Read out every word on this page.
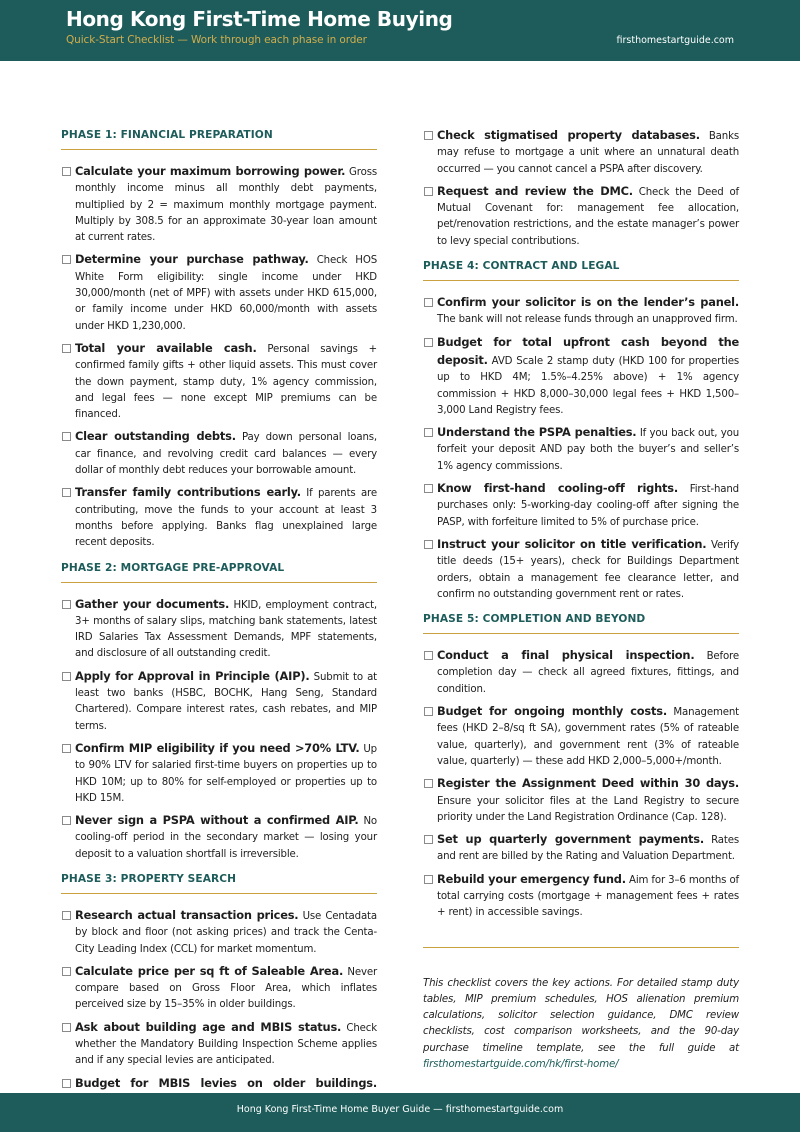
Hong Kong First-Time Home Buying
Quick-Start Checklist — Work through each phase in order	firsthomestartguide.com
PHASE 1: FINANCIAL PREPARATION
Calculate your maximum borrowing power. Gross monthly income minus all monthly debt payments, multiplied by 2 = maximum monthly mortgage payment. Multiply by 308.5 for an approximate 30-year loan amount at current rates.
Determine your purchase pathway. Check HOS White Form eligibility: single income under HKD 30,000/month (net of MPF) with assets under HKD 615,000, or family income under HKD 60,000/month with assets under HKD 1,230,000.
Total your available cash. Personal savings + confirmed family gifts + other liquid assets. This must cover the down payment, stamp duty, 1% agency commission, and legal fees — none except MIP premiums can be financed.
Clear outstanding debts. Pay down personal loans, car finance, and revolving credit card balances — every dollar of monthly debt reduces your borrowable amount.
Transfer family contributions early. If parents are contributing, move the funds to your account at least 3 months before applying. Banks flag unexplained large recent deposits.
PHASE 2: MORTGAGE PRE-APPROVAL
Gather your documents. HKID, employment contract, 3+ months of salary slips, matching bank statements, latest IRD Salaries Tax Assessment Demands, MPF statements, and disclosure of all outstanding credit.
Apply for Approval in Principle (AIP). Submit to at least two banks (HSBC, BOCHK, Hang Seng, Standard Chartered). Compare interest rates, cash rebates, and MIP terms.
Confirm MIP eligibility if you need >70% LTV. Up to 90% LTV for salaried first-time buyers on properties up to HKD 10M; up to 80% for self-employed or properties up to HKD 15M.
Never sign a PSPA without a confirmed AIP. No cooling-off period in the secondary market — losing your deposit to a valuation shortfall is irreversible.
PHASE 3: PROPERTY SEARCH
Research actual transaction prices. Use Centadata by block and floor (not asking prices) and track the Centa-City Leading Index (CCL) for market momentum.
Calculate price per sq ft of Saleable Area. Never compare based on Gross Floor Area, which inflates perceived size by 15–35% in older buildings.
Ask about building age and MBIS status. Check whether the Mandatory Building Inspection Scheme applies and if any special levies are anticipated.
Budget for MBIS levies on older buildings.
Check stigmatised property databases. Banks may refuse to mortgage a unit where an unnatural death occurred — you cannot cancel a PSPA after discovery.
Request and review the DMC. Check the Deed of Mutual Covenant for: management fee allocation, pet/renovation restrictions, and the estate manager’s power to levy special contributions.
PHASE 4: CONTRACT AND LEGAL
Confirm your solicitor is on the lender’s panel. The bank will not release funds through an unapproved firm.
Budget for total upfront cash beyond the deposit. AVD Scale 2 stamp duty (HKD 100 for properties up to HKD 4M; 1.5%–4.25% above) + 1% agency commission + HKD 8,000–30,000 legal fees + HKD 1,500–3,000 Land Registry fees.
Understand the PSPA penalties. If you back out, you forfeit your deposit AND pay both the buyer’s and seller’s 1% agency commissions.
Know first-hand cooling-off rights. First-hand purchases only: 5-working-day cooling-off after signing the PASP, with forfeiture limited to 5% of purchase price.
Instruct your solicitor on title verification. Verify title deeds (15+ years), check for Buildings Department orders, obtain a management fee clearance letter, and confirm no outstanding government rent or rates.
PHASE 5: COMPLETION AND BEYOND
Conduct a final physical inspection. Before completion day — check all agreed fixtures, fittings, and condition.
Budget for ongoing monthly costs. Management fees (HKD 2–8/sq ft SA), government rates (5% of rateable value, quarterly), and government rent (3% of rateable value, quarterly) — these add HKD 2,000–5,000+/month.
Register the Assignment Deed within 30 days. Ensure your solicitor files at the Land Registry to secure priority under the Land Registration Ordinance (Cap. 128).
Set up quarterly government payments. Rates and rent are billed by the Rating and Valuation Department.
Rebuild your emergency fund. Aim for 3–6 months of total carrying costs (mortgage + management fees + rates + rent) in accessible savings.
This checklist covers the key actions. For detailed stamp duty tables, MIP premium schedules, HOS alienation premium calculations, solicitor selection guidance, DMC review checklists, cost comparison worksheets, and the 90-day purchase timeline template, see the full guide at firsthomestartguide.com/hk/first-home/
Hong Kong First-Time Home Buyer Guide — firsthomestartguide.com
